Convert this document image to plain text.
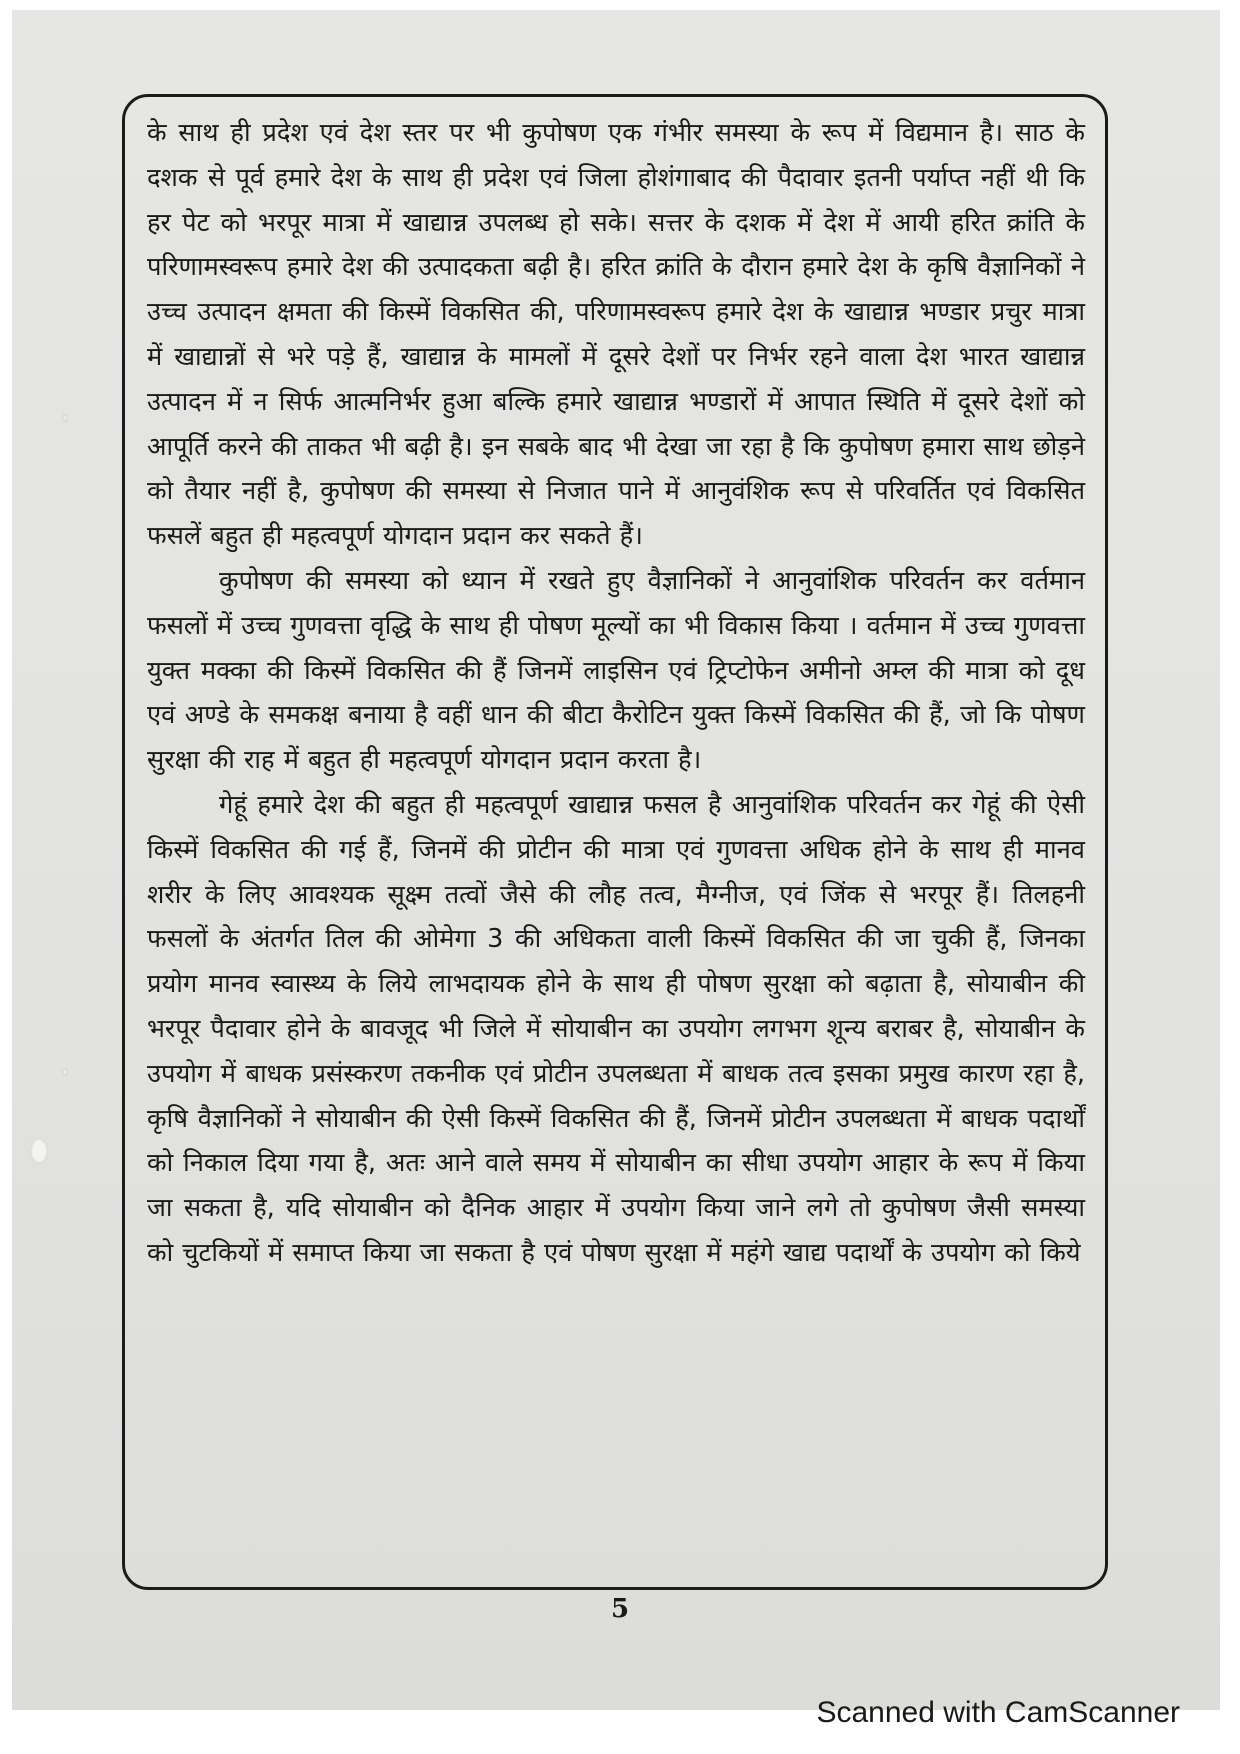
के साथ ही प्रदेश एवं देश स्तर पर भी कुपोषण एक गंभीर समस्या के रूप में विद्यमान है। साठ के दशक से पूर्व हमारे देश के साथ ही प्रदेश एवं जिला होशंगाबाद की पैदावार इतनी पर्याप्त नहीं थी कि हर पेट को भरपूर मात्रा में खाद्यान्न उपलब्ध हो सके। सत्तर के दशक में देश में आयी हरित क्रांति के परिणामस्वरूप हमारे देश की उत्पादकता बढ़ी है। हरित क्रांति के दौरान हमारे देश के कृषि वैज्ञानिकों ने उच्च उत्पादन क्षमता की किस्में विकसित की, परिणामस्वरूप हमारे देश के खाद्यान्न भण्डार प्रचुर मात्रा में खाद्यान्नों से भरे पड़े हैं, खाद्यान्न के मामलों में दूसरे देशों पर निर्भर रहने वाला देश भारत खाद्यान्न उत्पादन में न सिर्फ आत्मनिर्भर हुआ बल्कि हमारे खाद्यान्न भण्डारों में आपात स्थिति में दूसरे देशों को आपूर्ति करने की ताकत भी बढ़ी है। इन सबके बाद भी देखा जा रहा है कि कुपोषण हमारा साथ छोड़ने को तैयार नहीं है, कुपोषण की समस्या से निजात पाने में आनुवंशिक रूप से परिवर्तित एवं विकसित फसलें बहुत ही महत्वपूर्ण योगदान प्रदान कर सकते हैं।

कुपोषण की समस्या को ध्यान में रखते हुए वैज्ञानिकों ने आनुवांशिक परिवर्तन कर वर्तमान फसलों में उच्च गुणवत्ता वृद्धि के साथ ही पोषण मूल्यों का भी विकास किया । वर्तमान में उच्च गुणवत्ता युक्त मक्का की किस्में विकसित की हैं जिनमें लाइसिन एवं ट्रिप्टोफेन अमीनो अम्ल की मात्रा को दूध एवं अण्डे के समकक्ष बनाया है वहीं धान की बीटा कैरोटिन युक्त किस्में विकसित की हैं, जो कि पोषण सुरक्षा की राह में बहुत ही महत्वपूर्ण योगदान प्रदान करता है।

गेहूं हमारे देश की बहुत ही महत्वपूर्ण खाद्यान्न फसल है आनुवांशिक परिवर्तन कर गेहूं की ऐसी किस्में विकसित की गई हैं, जिनमें की प्रोटीन की मात्रा एवं गुणवत्ता अधिक होने के साथ ही मानव शरीर के लिए आवश्यक सूक्ष्म तत्वों जैसे की लौह तत्व, मैग्नीज, एवं जिंक से भरपूर हैं। तिलहनी फसलों के अंतर्गत तिल की ओमेगा 3 की अधिकता वाली किस्में विकसित की जा चुकी हैं, जिनका प्रयोग मानव स्वास्थ्य के लिये लाभदायक होने के साथ ही पोषण सुरक्षा को बढ़ाता है, सोयाबीन की भरपूर पैदावार होने के बावजूद भी जिले में सोयाबीन का उपयोग लगभग शून्य बराबर है, सोयाबीन के उपयोग में बाधक प्रसंस्करण तकनीक एवं प्रोटीन उपलब्धता में बाधक तत्व इसका प्रमुख कारण रहा है, कृषि वैज्ञानिकों ने सोयाबीन की ऐसी किस्में विकसित की हैं, जिनमें प्रोटीन उपलब्धता में बाधक पदार्थों को निकाल दिया गया है, अतः आने वाले समय में सोयाबीन का सीधा उपयोग आहार के रूप में किया जा सकता है, यदि सोयाबीन को दैनिक आहार में उपयोग किया जाने लगे तो कुपोषण जैसी समस्या को चुटकियों में समाप्त किया जा सकता है एवं पोषण सुरक्षा में महंगे खाद्य पदार्थों के उपयोग को किये

5
Scanned with CamScanner
